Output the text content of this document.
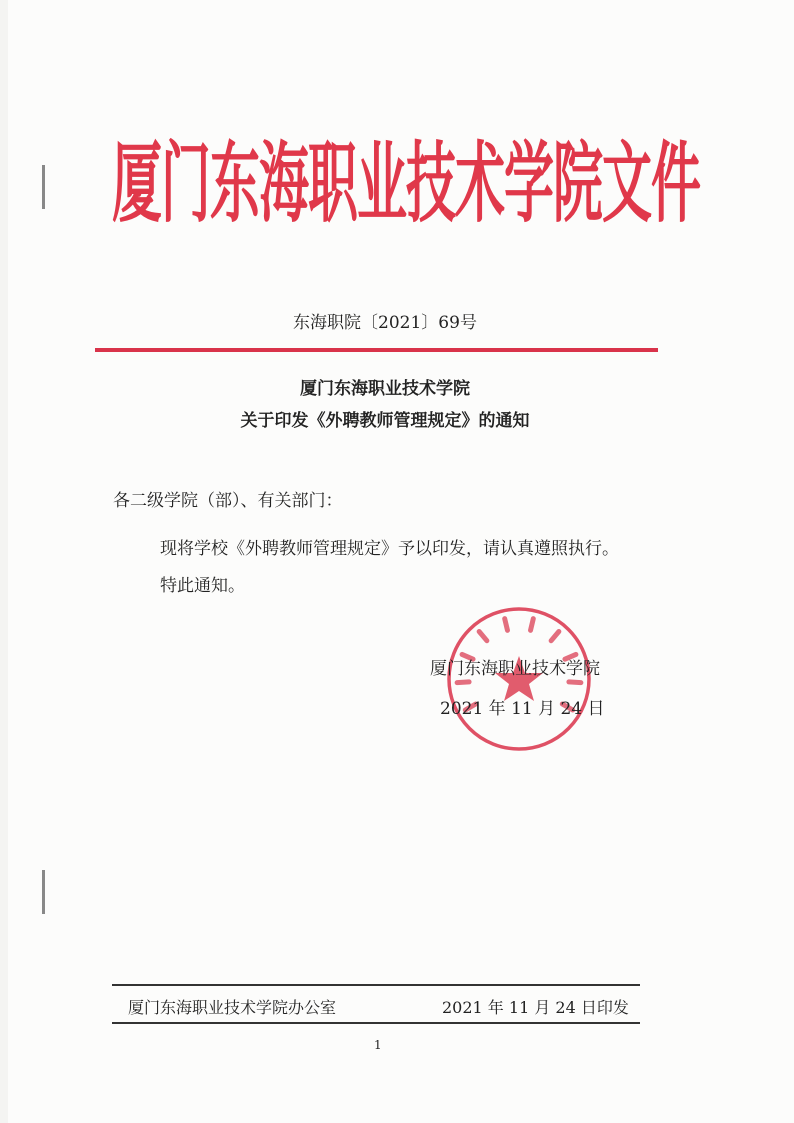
厦门东海职业技术学院文件
东海职院〔2021〕69号
厦门东海职业技术学院
关于印发《外聘教师管理规定》的通知
各二级学院（部）、有关部门：
现将学校《外聘教师管理规定》予以印发，请认真遵照执行。
特此通知。
厦门东海职业技术学院
2021 年 11 月 24 日
厦门东海职业技术学院办公室	2021 年 11 月 24 日印发
1
